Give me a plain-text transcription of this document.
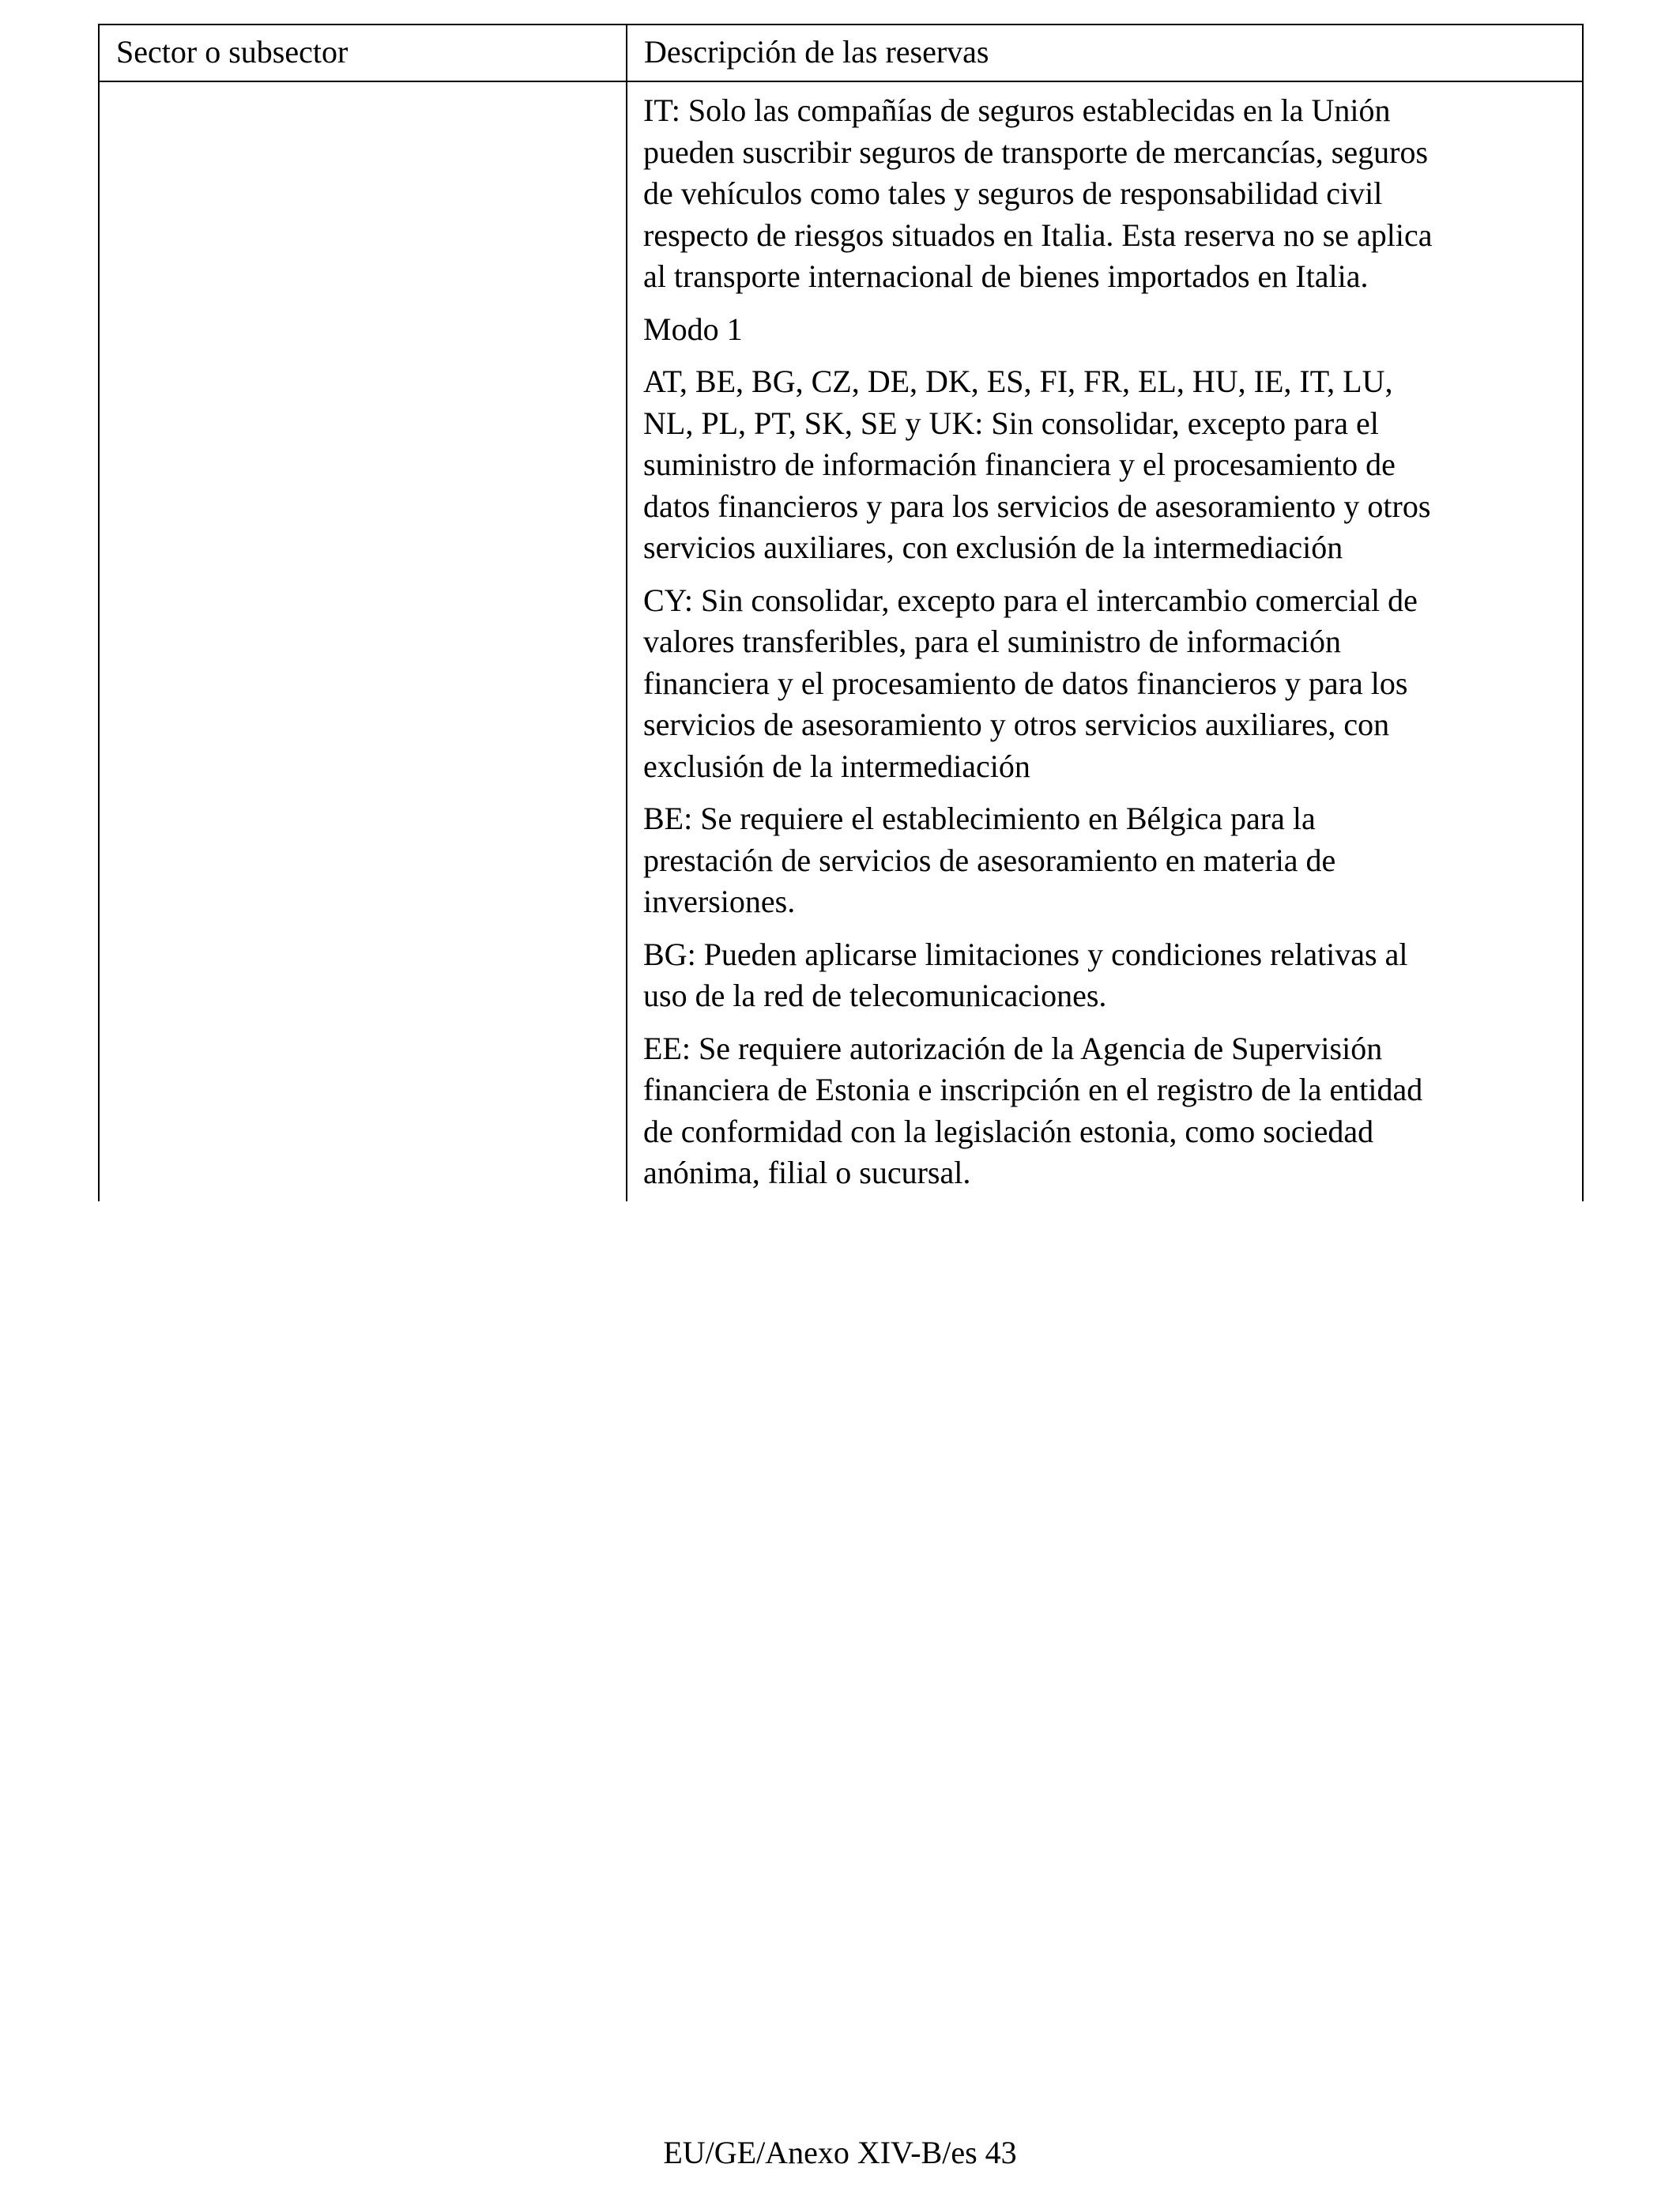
Sector o subsector	Descripción de las reservas

IT: Solo las compañías de seguros establecidas en la Unión
pueden suscribir seguros de transporte de mercancías, seguros
de vehículos como tales y seguros de responsabilidad civil
respecto de riesgos situados en Italia. Esta reserva no se aplica
al transporte internacional de bienes importados en Italia.

Modo 1

AT, BE, BG, CZ, DE, DK, ES, FI, FR, EL, HU, IE, IT, LU,
NL, PL, PT, SK, SE y UK: Sin consolidar, excepto para el
suministro de información financiera y el procesamiento de
datos financieros y para los servicios de asesoramiento y otros
servicios auxiliares, con exclusión de la intermediación

CY: Sin consolidar, excepto para el intercambio comercial de
valores transferibles, para el suministro de información
financiera y el procesamiento de datos financieros y para los
servicios de asesoramiento y otros servicios auxiliares, con
exclusión de la intermediación

BE: Se requiere el establecimiento en Bélgica para la
prestación de servicios de asesoramiento en materia de
inversiones.

BG: Pueden aplicarse limitaciones y condiciones relativas al
uso de la red de telecomunicaciones.

EE: Se requiere autorización de la Agencia de Supervisión
financiera de Estonia e inscripción en el registro de la entidad
de conformidad con la legislación estonia, como sociedad
anónima, filial o sucursal.

EU/GE/Anexo XIV-B/es 43
